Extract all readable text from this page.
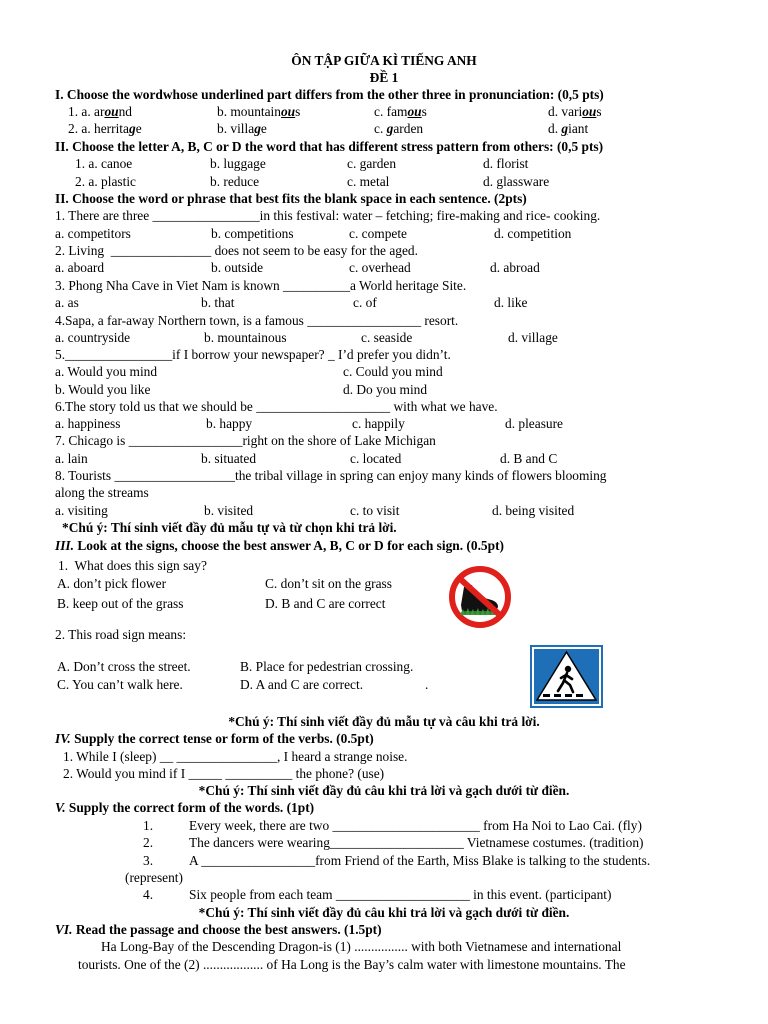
ÔN TẬP GIỮA KÌ TIẾNG ANH
ĐỀ 1
I. Choose the wordwhose underlined part differs from the other three in pronunciation: (0,5 pts)
1. a. around	b. mountainous	c. famous	d. various
2. a. herritage	b. village	c. garden	d. giant
II. Choose the letter A, B, C or D the word that has different stress pattern from others: (0,5 pts)
1. a. canoe	b. luggage	c. garden	d. florist
2. a. plastic	b. reduce	c. metal	d. glassware
II. Choose the word or phrase that best fits the blank space in each sentence. (2pts)
1. There are three ________________in this festival: water – fetching; fire-making and rice- cooking.
a. competitors	b. competitions	c. compete	d. competition
2. Living  _______________ does not seem to be easy for the aged.
a. aboard	b. outside	c. overhead	d. abroad
3. Phong Nha Cave in Viet Nam is known __________a World heritage Site.
a. as	b. that	c. of	d. like
4.Sapa, a far-away Northern town, is a famous _________________ resort.
a. countryside	b. mountainous	c. seaside	d. village
5.________________if I borrow your newspaper? _ I’d prefer you didn’t.
a. Would you mind	c. Could you mind
b. Would you like	d. Do you mind
6.The story told us that we should be ____________________ with what we have.
a. happiness	b. happy	c. happily	d. pleasure
7. Chicago is _________________right on the shore of Lake Michigan
a. lain	b. situated	c. located	d. B and C
8. Tourists __________________the tribal village in spring can enjoy many kinds of flowers blooming
along the streams
a. visiting	b. visited	c. to visit	d. being visited
*Chú ý: Thí sinh viết đầy đủ mẫu tự và từ chọn khi trả lời.
III. Look at the signs, choose the best answer A, B, C or D for each sign. (0.5pt)
1.  What does this sign say?
A. don’t pick flower	C. don’t sit on the grass
B. keep out of the grass	D. B and C are correct
2. This road sign means:
A. Don’t cross the street.	B. Place for pedestrian crossing.
C. You can’t walk here.	D. A and C are correct.	.
*Chú ý: Thí sinh viết đầy đủ mẫu tự và câu khi trả lời.
IV. Supply the correct tense or form of the verbs. (0.5pt)
1. While I (sleep) __ _______________, I heard a strange noise.
2. Would you mind if I _____ __________ the phone? (use)
*Chú ý: Thí sinh viết đầy đủ câu khi trả lời và gạch dưới từ điền.
V. Supply the correct form of the words. (1pt)
1.	Every week, there are two ______________________ from Ha Noi to Lao Cai. (fly)
2.	The dancers were wearing____________________ Vietnamese costumes. (tradition)
3.	A _________________from Friend of the Earth, Miss Blake is talking to the students.
(represent)
4.	Six people from each team ____________________ in this event. (participant)
*Chú ý: Thí sinh viết đầy đủ câu khi trả lời và gạch dưới từ điền.
VI. Read the passage and choose the best answers. (1.5pt)
Ha Long-Bay of the Descending Dragon-is (1) ................ with both Vietnamese and international
tourists. One of the (2) .................. of Ha Long is the Bay’s calm water with limestone mountains. The
